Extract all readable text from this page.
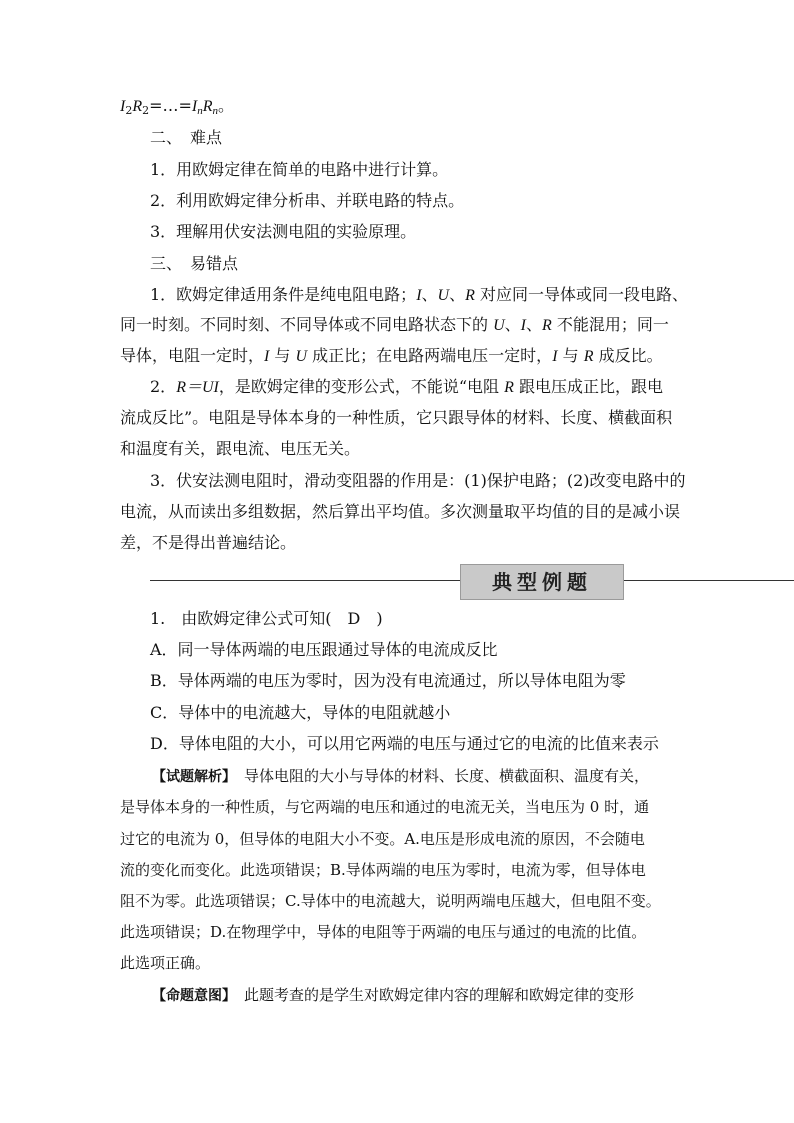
$I_2R_2=\dots=I_nR_n$。
二、　难点
1．用欧姆定律在简单的电路中进行计算。
2．利用欧姆定律分析串、并联电路的特点。
3．理解用伏安法测电阻的实验原理。
三、　易错点
1．欧姆定律适用条件是纯电阻电路；I、U、R 对应同一导体或同一段电路、
同一时刻。不同时刻、不同导体或不同电路状态下的 U、I、R 不能混用；同一
导体，电阻一定时，I 与 U 成正比；在电路两端电压一定时，I 与 R 成反比。
2．R＝UI，是欧姆定律的变形公式，不能说“电阻 R 跟电压成正比，跟电
流成反比”。电阻是导体本身的一种性质，它只跟导体的材料、长度、横截面积
和温度有关，跟电流、电压无关。
3．伏安法测电阻时，滑动变阻器的作用是：(1)保护电路；(2)改变电路中的
电流，从而读出多组数据，然后算出平均值。多次测量取平均值的目的是减小误
差，不是得出普遍结论。
典型例题
1.　由欧姆定律公式可知(　D　)
A．同一导体两端的电压跟通过导体的电流成反比
B．导体两端的电压为零时，因为没有电流通过，所以导体电阻为零
C．导体中的电流越大，导体的电阻就越小
D．导体电阻的大小，可以用它两端的电压与通过它的电流的比值来表示
【试题解析】　导体电阻的大小与导体的材料、长度、横截面积、温度有关，
是导体本身的一种性质，与它两端的电压和通过的电流无关，当电压为 0 时，通
过它的电流为 0，但导体的电阻大小不变。A.电压是形成电流的原因，不会随电
流的变化而变化。此选项错误；B.导体两端的电压为零时，电流为零，但导体电
阻不为零。此选项错误；C.导体中的电流越大，说明两端电压越大，但电阻不变。
此选项错误；D.在物理学中，导体的电阻等于两端的电压与通过的电流的比值。
此选项正确。
【命题意图】　此题考查的是学生对欧姆定律内容的理解和欧姆定律的变形
